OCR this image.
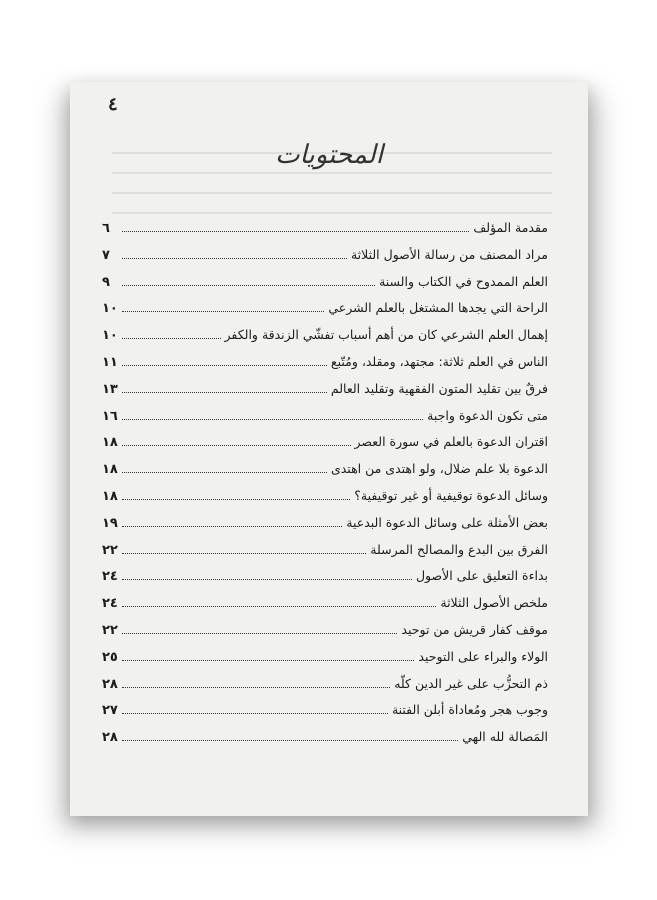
٤
المحتويات
مقدمة المؤلف
٦
مراد المصنف من رسالة الأصول الثلاثة
٧
العلم الممدوح في الكتاب والسنة
٩
الراحة التي يجدها المشتغل بالعلم الشرعي
١٠
إهمال العلم الشرعي كان من أهم أسباب تفشّي الزندقة والكفر
١٠
الناس في العلم ثلاثة: مجتهد، ومقلد، ومُتّبع
١١
فرقٌ بين تقليد المتون الفقهية وتقليد العالم
١٣
متى تكون الدعوة واجبة
١٦
اقتران الدعوة بالعلم في سورة العصر
١٨
الدعوة بلا علم ضلال، ولو اهتدى من اهتدى
١٨
وسائل الدعوة توقيفية أو غير توقيفية؟
١٨
بعض الأمثلة على وسائل الدعوة البدعية
١٩
الفرق بين البدع والمصالح المرسلة
٢٢
بداءة التعليق على الأصول
٢٤
ملخص الأصول الثلاثة
٢٤
موقف كفار قريش من توحيد
٢٢
الولاء والبراء على التوحيد
٢٥
ذم التحزُّب على غير الدين كلّه
٢٨
وجوب هجر ومُعاداة أبلن الفتنة
٢٧
المَصالة لله الهي
٢٨
